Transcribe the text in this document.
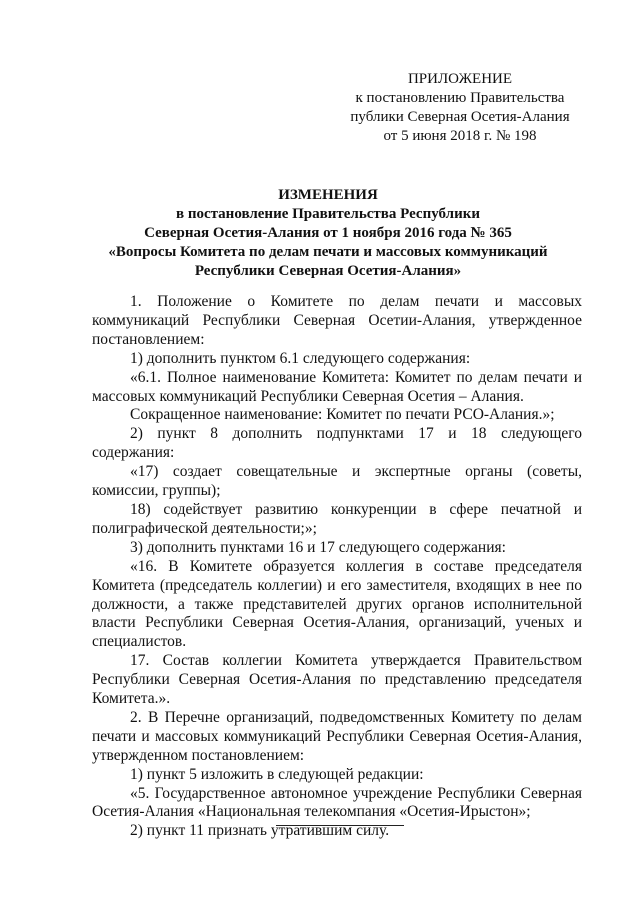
ПРИЛОЖЕНИЕ
к постановлению Правительства
публики Северная Осетия-Алания
от 5 июня 2018 г. № 198
ИЗМЕНЕНИЯ
в постановление Правительства Республики
Северная Осетия-Алания от 1 ноября 2016 года № 365
«Вопросы Комитета по делам печати и массовых коммуникаций
Республики Северная Осетия-Алания»

1. Положение о Комитете по делам печати и массовых коммуникаций Республики Северная Осетии-Алания, утвержденное постановлением:

1) дополнить пунктом 6.1 следующего содержания:

«6.1. Полное наименование Комитета: Комитет по делам печати и массовых коммуникаций Республики Северная Осетия – Алания.

Сокращенное наименование: Комитет по печати РСО-Алания.»;

2) пункт 8 дополнить подпунктами 17 и 18 следующего содержания:

«17) создает совещательные и экспертные органы (советы, комиссии, группы);

18) содействует развитию конкуренции в сфере печатной и полиграфической деятельности;»;

3) дополнить пунктами 16 и 17 следующего содержания:

«16. В Комитете образуется коллегия в составе председателя Комитета (председатель коллегии) и его заместителя, входящих в нее по должности, а также представителей других органов исполнительной власти Республики Северная Осетия-Алания, организаций, ученых и специалистов.

17. Состав коллегии Комитета утверждается Правительством Республики Северная Осетия-Алания по представлению председателя Комитета.».

2. В Перечне организаций, подведомственных Комитету по делам печати и массовых коммуникаций Республики Северная Осетия-Алания, утвержденном постановлением:

1) пункт 5 изложить в следующей редакции:

«5. Государственное автономное учреждение Республики Северная Осетия-Алания «Национальная телекомпания «Осетия-Ирыстон»;

2) пункт 11 признать утратившим силу.
